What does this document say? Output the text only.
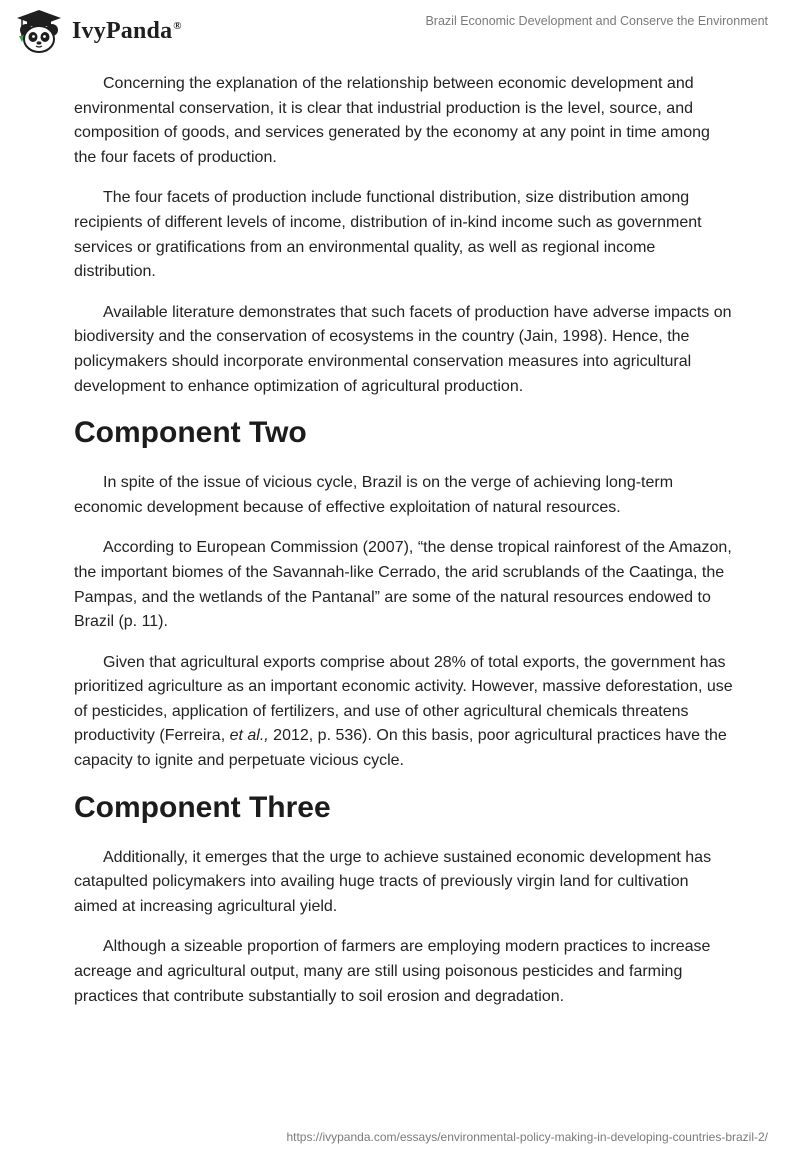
IvyPanda®	Brazil Economic Development and Conserve the Environment

Concerning the explanation of the relationship between economic development and environmental conservation, it is clear that industrial production is the level, source, and composition of goods, and services generated by the economy at any point in time among the four facets of production.

The four facets of production include functional distribution, size distribution among recipients of different levels of income, distribution of in-kind income such as government services or gratifications from an environmental quality, as well as regional income distribution.

Available literature demonstrates that such facets of production have adverse impacts on biodiversity and the conservation of ecosystems in the country (Jain, 1998). Hence, the policymakers should incorporate environmental conservation measures into agricultural development to enhance optimization of agricultural production.

Component Two

In spite of the issue of vicious cycle, Brazil is on the verge of achieving long-term economic development because of effective exploitation of natural resources.

According to European Commission (2007), “the dense tropical rainforest of the Amazon, the important biomes of the Savannah-like Cerrado, the arid scrublands of the Caatinga, the Pampas, and the wetlands of the Pantanal” are some of the natural resources endowed to Brazil (p. 11).

Given that agricultural exports comprise about 28% of total exports, the government has prioritized agriculture as an important economic activity. However, massive deforestation, use of pesticides, application of fertilizers, and use of other agricultural chemicals threatens productivity (Ferreira, et al., 2012, p. 536). On this basis, poor agricultural practices have the capacity to ignite and perpetuate vicious cycle.

Component Three

Additionally, it emerges that the urge to achieve sustained economic development has catapulted policymakers into availing huge tracts of previously virgin land for cultivation aimed at increasing agricultural yield.

Although a sizeable proportion of farmers are employing modern practices to increase acreage and agricultural output, many are still using poisonous pesticides and farming practices that contribute substantially to soil erosion and degradation.

https://ivypanda.com/essays/environmental-policy-making-in-developing-countries-brazil-2/
